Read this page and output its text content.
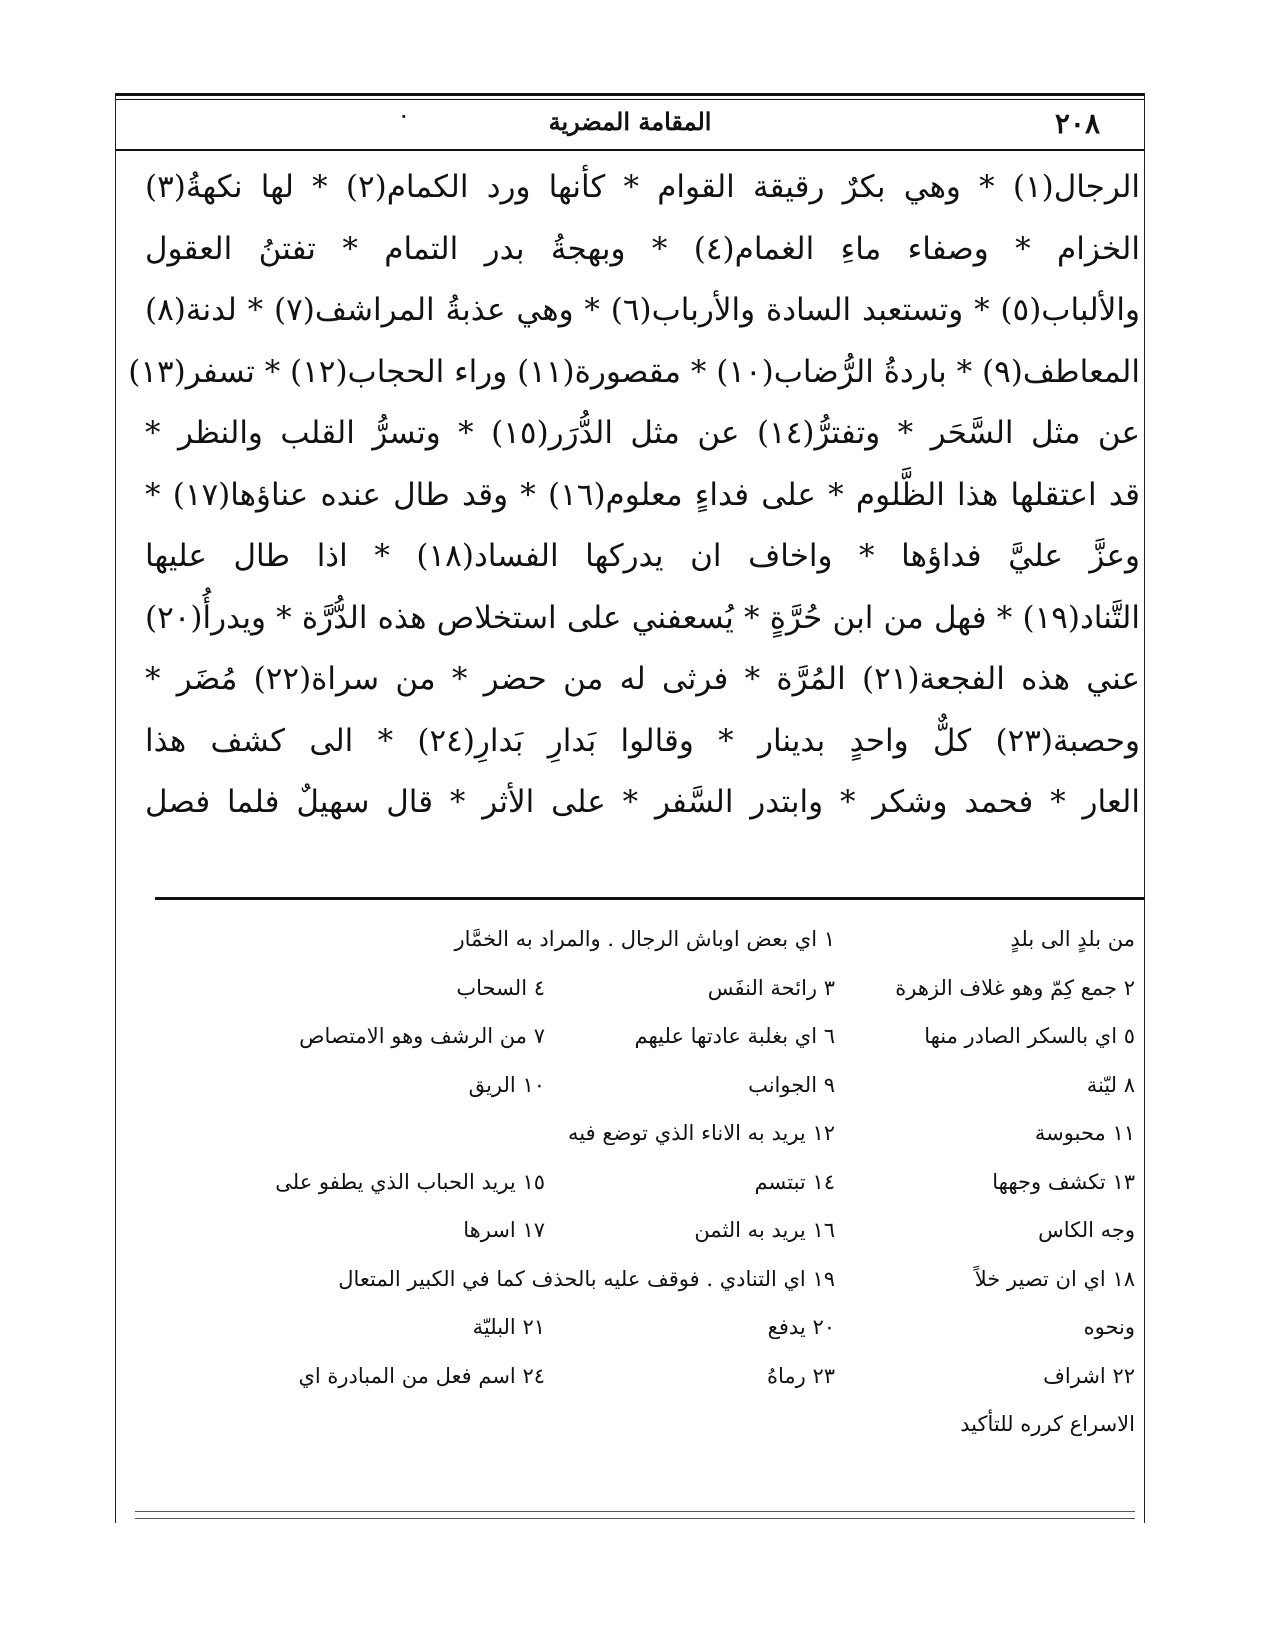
المقامة المضرية
·	٢٠٨
الرجال(١) * وهي بكرٌ رقيقة القوام * كأنها ورد الكمام(٢) * لها نكهةُ(٣)
الخزام * وصفاء ماءِ الغمام(٤) * وبهجةُ بدر التمام * تفتنُ العقول
والألباب(٥) * وتستعبد السادة والأرباب(٦) * وهي عذبةُ المراشف(٧) * لدنة(٨)
المعاطف(٩) * باردةُ الرُّضاب(١٠) * مقصورة(١١) وراء الحجاب(١٢) * تسفر(١٣)
عن مثل السَّحَر * وتفترُّ(١٤) عن مثل الدُّرَر(١٥) * وتسرُّ القلب والنظر *
قد اعتقلها هذا الظَّلوم * على فداءٍ معلوم(١٦) * وقد طال عنده عناؤها(١٧) *
وعزَّ عليَّ فداؤها * واخاف ان يدركها الفساد(١٨) * اذا طال عليها
التَّناد(١٩) * فهل من ابن حُرَّةٍ * يُسعفني على استخلاص هذه الدُّرَّة * ويدرأُ(٢٠)
عني هذه الفجعة(٢١) المُرَّة * فرثى له من حضر * من سراة(٢٢) مُضَر *
وحصبة(٢٣) كلٌّ واحدٍ بدينار * وقالوا بَدارِ بَدارِ(٢٤) * الى كشف هذا
العار * فحمد وشكر * وابتدر السَّفر * على الأثر * قال سهيلٌ فلما فصل
من بلدٍ الى بلدٍ
١ اي بعض اوباش الرجال . والمراد به الخمَّار
٢ جمع كِمّ وهو غلاف الزهرة
٣ رائحة النفَس
٤ السحاب
٥ اي بالسكر الصادر منها
٦ اي بغلبة عادتها عليهم
٧ من الرشف وهو الامتصاص
٨ ليّنة
٩ الجوانب
١٠ الريق
١١ محبوسة
١٢ يريد به الاناء الذي توضع فيه
١٣ تكشف وجهها
١٤ تبتسم
١٥ يريد الحباب الذي يطفو على
وجه الكاس
١٦ يريد به الثمن
١٧ اسرها
١٨ اي ان تصير خلاً
١٩ اي التنادي . فوقف عليه بالحذف كما في الكبير المتعال
ونحوه
٢٠ يدفع
٢١ البليّة
٢٢ اشراف
٢٣ رماهُ
٢٤ اسم فعل من المبادرة اي
الاسراع كرره للتأكيد
